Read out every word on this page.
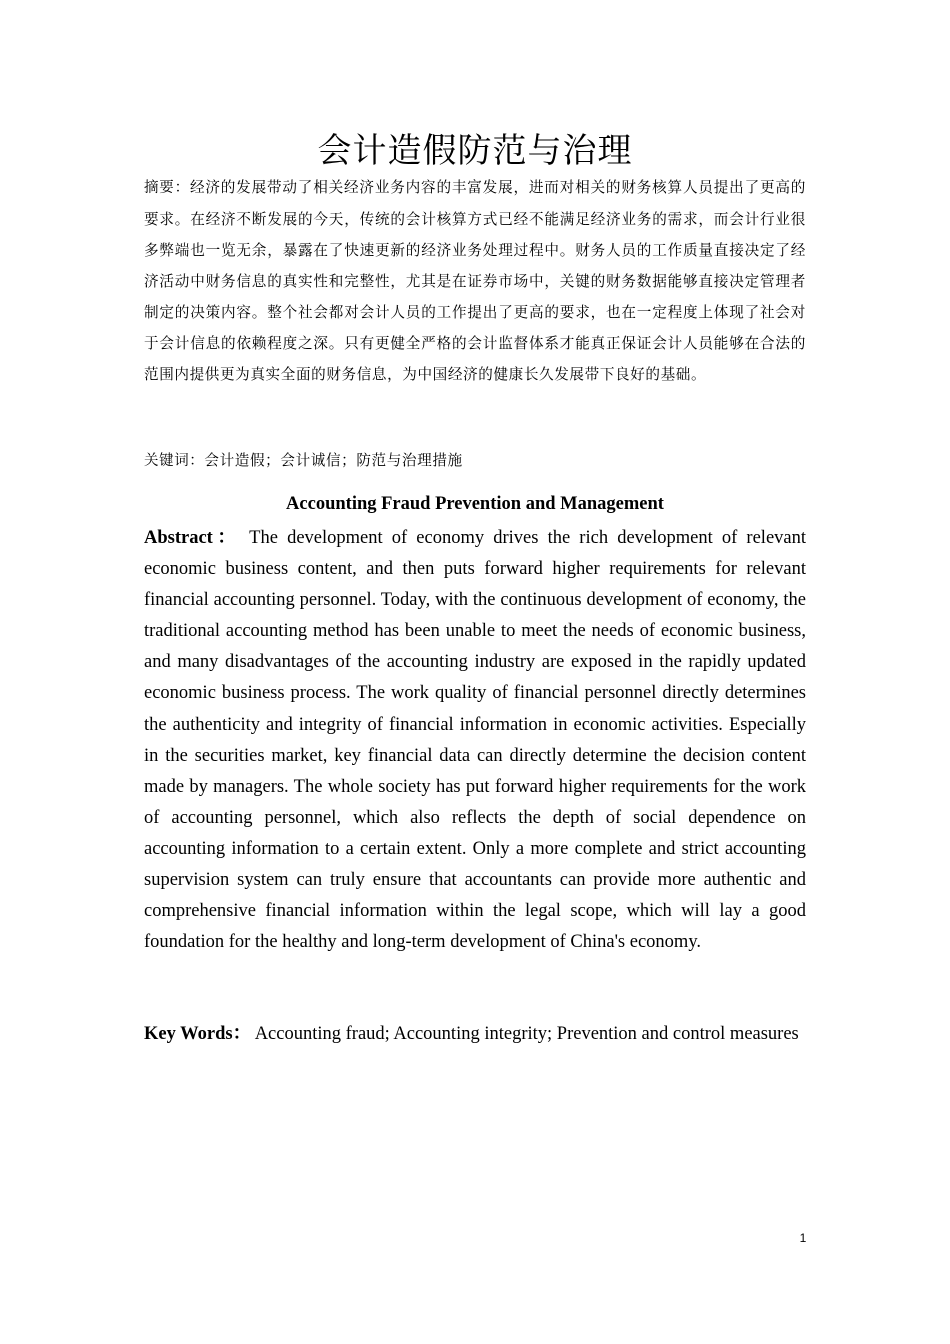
会计造假防范与治理
摘要：经济的发展带动了相关经济业务内容的丰富发展，进而对相关的财务核算人员提出了更高的要求。在经济不断发展的今天，传统的会计核算方式已经不能满足经济业务的需求，而会计行业很多弊端也一览无余，暴露在了快速更新的经济业务处理过程中。财务人员的工作质量直接决定了经济活动中财务信息的真实性和完整性，尤其是在证券市场中，关键的财务数据能够直接决定管理者制定的决策内容。整个社会都对会计人员的工作提出了更高的要求，也在一定程度上体现了社会对于会计信息的依赖程度之深。只有更健全严格的会计监督体系才能真正保证会计人员能够在合法的范围内提供更为真实全面的财务信息，为中国经济的健康长久发展带下良好的基础。
关键词：会计造假；会计诚信；防范与治理措施
Accounting Fraud Prevention and Management
Abstract： The development of economy drives the rich development of relevant economic business content, and then puts forward higher requirements for relevant financial accounting personnel. Today, with the continuous development of economy, the traditional accounting method has been unable to meet the needs of economic business, and many disadvantages of the accounting industry are exposed in the rapidly updated economic business process. The work quality of financial personnel directly determines the authenticity and integrity of financial information in economic activities. Especially in the securities market, key financial data can directly determine the decision content made by managers. The whole society has put forward higher requirements for the work of accounting personnel, which also reflects the depth of social dependence on accounting information to a certain extent. Only a more complete and strict accounting supervision system can truly ensure that accountants can provide more authentic and comprehensive financial information within the legal scope, which will lay a good foundation for the healthy and long-term development of China's economy.
Key Words： Accounting fraud; Accounting integrity; Prevention and control measures
1
